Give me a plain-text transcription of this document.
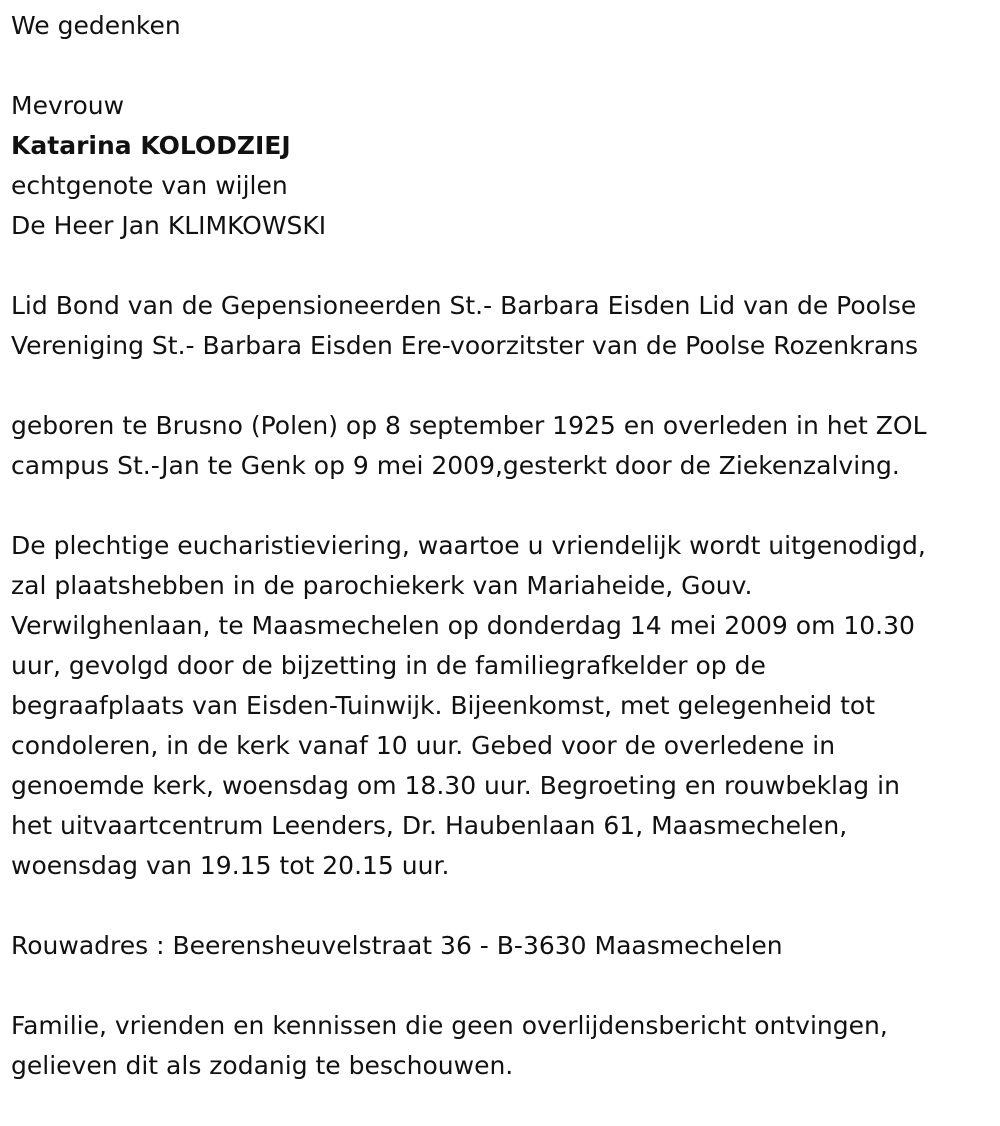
We gedenken
Mevrouw
Katarina KOLODZIEJ
echtgenote van wijlen
De Heer Jan KLIMKOWSKI
Lid Bond van de Gepensioneerden St.- Barbara Eisden Lid van de Poolse
Vereniging St.- Barbara Eisden Ere-voorzitster van de Poolse Rozenkrans
geboren te Brusno (Polen) op 8 september 1925 en overleden in het ZOL
campus St.-Jan te Genk op 9 mei 2009,gesterkt door de Ziekenzalving.
De plechtige eucharistieviering, waartoe u vriendelijk wordt uitgenodigd,
zal plaatshebben in de parochiekerk van Mariaheide, Gouv.
Verwilghenlaan, te Maasmechelen op donderdag 14 mei 2009 om 10.30
uur, gevolgd door de bijzetting in de familiegrafkelder op de
begraafplaats van Eisden-Tuinwijk. Bijeenkomst, met gelegenheid tot
condoleren, in de kerk vanaf 10 uur. Gebed voor de overledene in
genoemde kerk, woensdag om 18.30 uur. Begroeting en rouwbeklag in
het uitvaartcentrum Leenders, Dr. Haubenlaan 61, Maasmechelen,
woensdag van 19.15 tot 20.15 uur.
Rouwadres : Beerensheuvelstraat 36 - B-3630 Maasmechelen
Familie, vrienden en kennissen die geen overlijdensbericht ontvingen,
gelieven dit als zodanig te beschouwen.
